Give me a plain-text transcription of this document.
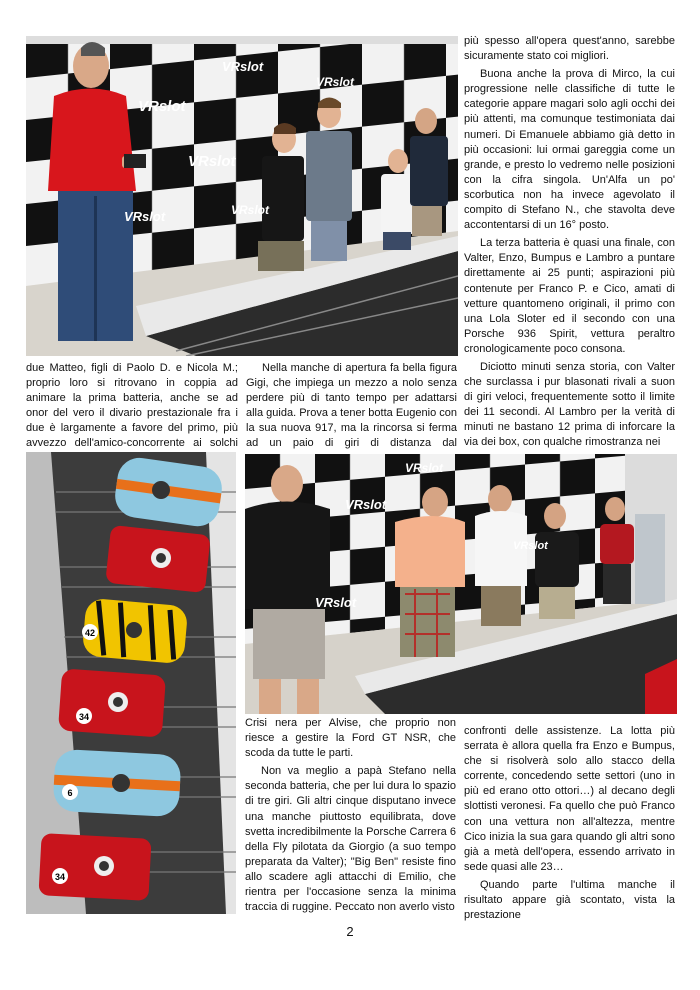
VRslot
VRslot
VRslot
VRslot
VRslot
VRslot

più spesso all'opera quest'anno, sarebbe sicuramente stato coi migliori.

Buona anche la prova di Mirco, la cui progressione nelle classifiche di tutte le categorie appare magari solo agli occhi dei più attenti, ma comunque testimoniata dai numeri. Di Emanuele abbiamo già detto in più occasioni: lui ormai gareggia come un grande, e presto lo vedremo nelle posizioni con la cifra singola. Un'Alfa un po' scorbutica non ha invece agevolato il compito di Stefano N., che stavolta deve accontentarsi di un 16° posto.

La terza batteria è quasi una finale, con Valter, Enzo, Bumpus e Lambro a puntare direttamente ai 25 punti; aspirazioni più contenute per Franco P. e Cico, amati di vetture quantomeno originali, il primo con una Lola Sloter ed il secondo con una Porsche 936 Spirit, vettura peraltro cronologicamente poco consona.

Diciotto minuti senza storia, con Valter che surclassa i pur blasonati rivali a suon di giri veloci, frequentemente sotto il limite dei 11 secondi. Al Lambro per la verità di minuti ne bastano 12 prima di inforcare la via dei box, con qualche rimostranza nei

due Matteo, figli di Paolo D. e Nicola M.; proprio loro si ritrovano in coppia ad animare la prima batteria, anche se ad onor del vero il divario prestazionale fra i due è largamente a favore del primo, più avvezzo dell'amico-concorrente ai solchi

Nella manche di apertura fa bella figura Gigi, che impiega un mezzo a nolo senza perdere più di tanto tempo per adattarsi alla guida. Prova a tener botta Eugenio con la sua nuova 917, ma la rincorsa si ferma ad un paio di giri di distanza dal

42
34
6
34
VRslot
VRslot
VRslot
VRslot

Crisi nera per Alvise, che proprio non riesce a gestire la Ford GT NSR, che scoda da tutte le parti.

Non va meglio a papà Stefano nella seconda batteria, che per lui dura lo spazio di tre giri. Gli altri cinque disputano invece una manche piuttosto equilibrata, dove svetta incredibilmente la Porsche Carrera 6 della Fly pilotata da Giorgio (a suo tempo preparata da Valter); "Big Ben" resiste fino allo scadere agli attacchi di Emilio, che rientra per l'occasione senza la minima traccia di ruggine. Peccato non averlo visto

confronti delle assistenze. La lotta più serrata è allora quella fra Enzo e Bumpus, che si risolverà solo allo stacco della corrente, concedendo sette settori (uno in più ed erano otto ottori…) al decano degli slottisti veronesi. Fa quello che può Franco con una vettura non all'altezza, mentre Cico inizia la sua gara quando gli altri sono già a metà dell'opera, essendo arrivato in sede quasi alle 23…

Quando parte l'ultima manche il risultato appare già scontato, vista la prestazione

2
